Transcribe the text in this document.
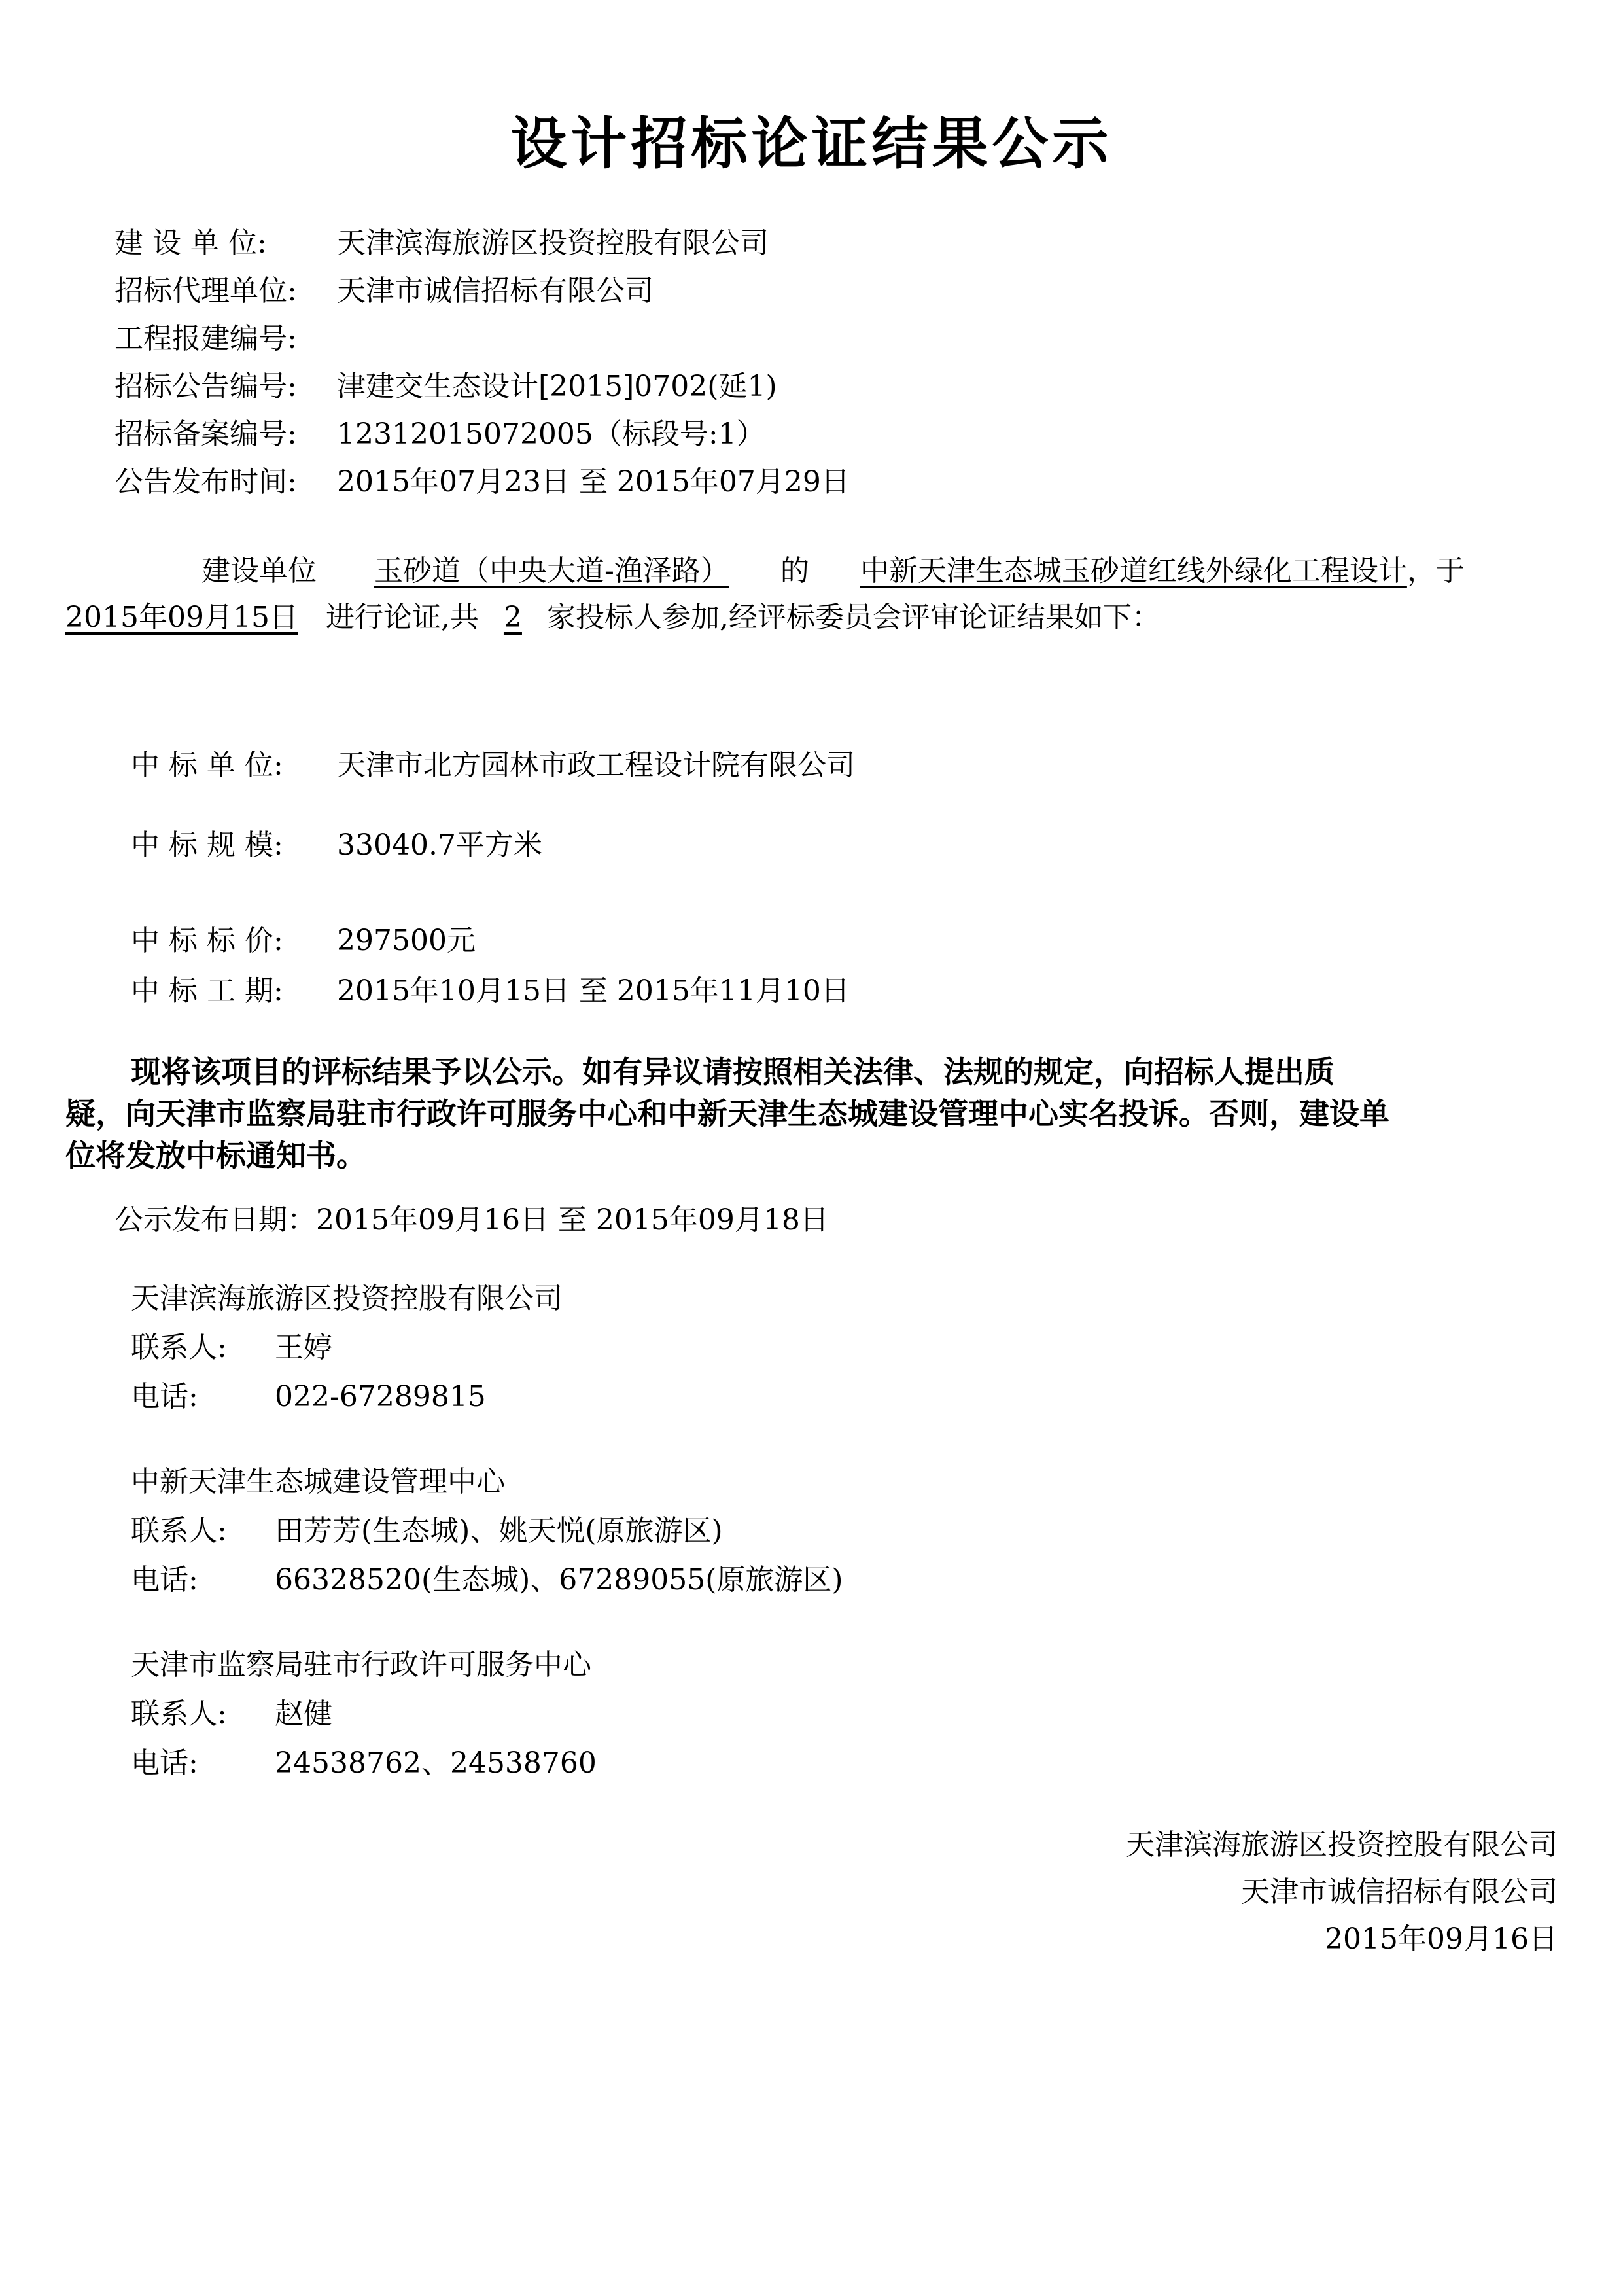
设计招标论证结果公示
建 设 单 位: 天津滨海旅游区投资控股有限公司
招标代理单位: 天津市诚信招标有限公司
工程报建编号:
招标公告编号: 津建交生态设计[2015]0702(延1)
招标备案编号: 12312015072005（标段号:1）
公告发布时间: 2015年07月23日 至 2015年07月29日
建设单位 玉砂道（中央大道-渔泽路） 的 中新天津生态城玉砂道红线外绿化工程设计，于
2015年09月15日 进行论证,共 2 家投标人参加,经评标委员会评审论证结果如下：
中 标 单 位: 天津市北方园林市政工程设计院有限公司
中 标 规 模: 33040.7平方米
中 标 标 价: 297500元
中 标 工 期: 2015年10月15日 至 2015年11月10日
现将该项目的评标结果予以公示。如有异议请按照相关法律、法规的规定，向招标人提出质
疑，向天津市监察局驻市行政许可服务中心和中新天津生态城建设管理中心实名投诉。否则，建设单
位将发放中标通知书。
公示发布日期：2015年09月16日 至 2015年09月18日
天津滨海旅游区投资控股有限公司
联系人: 王婷
电话:	022-67289815
中新天津生态城建设管理中心
联系人: 田芳芳(生态城)、姚天悦(原旅游区)
电话:	66328520(生态城)、67289055(原旅游区)
天津市监察局驻市行政许可服务中心
联系人: 赵健
电话:	24538762、24538760
天津滨海旅游区投资控股有限公司
天津市诚信招标有限公司
2015年09月16日
